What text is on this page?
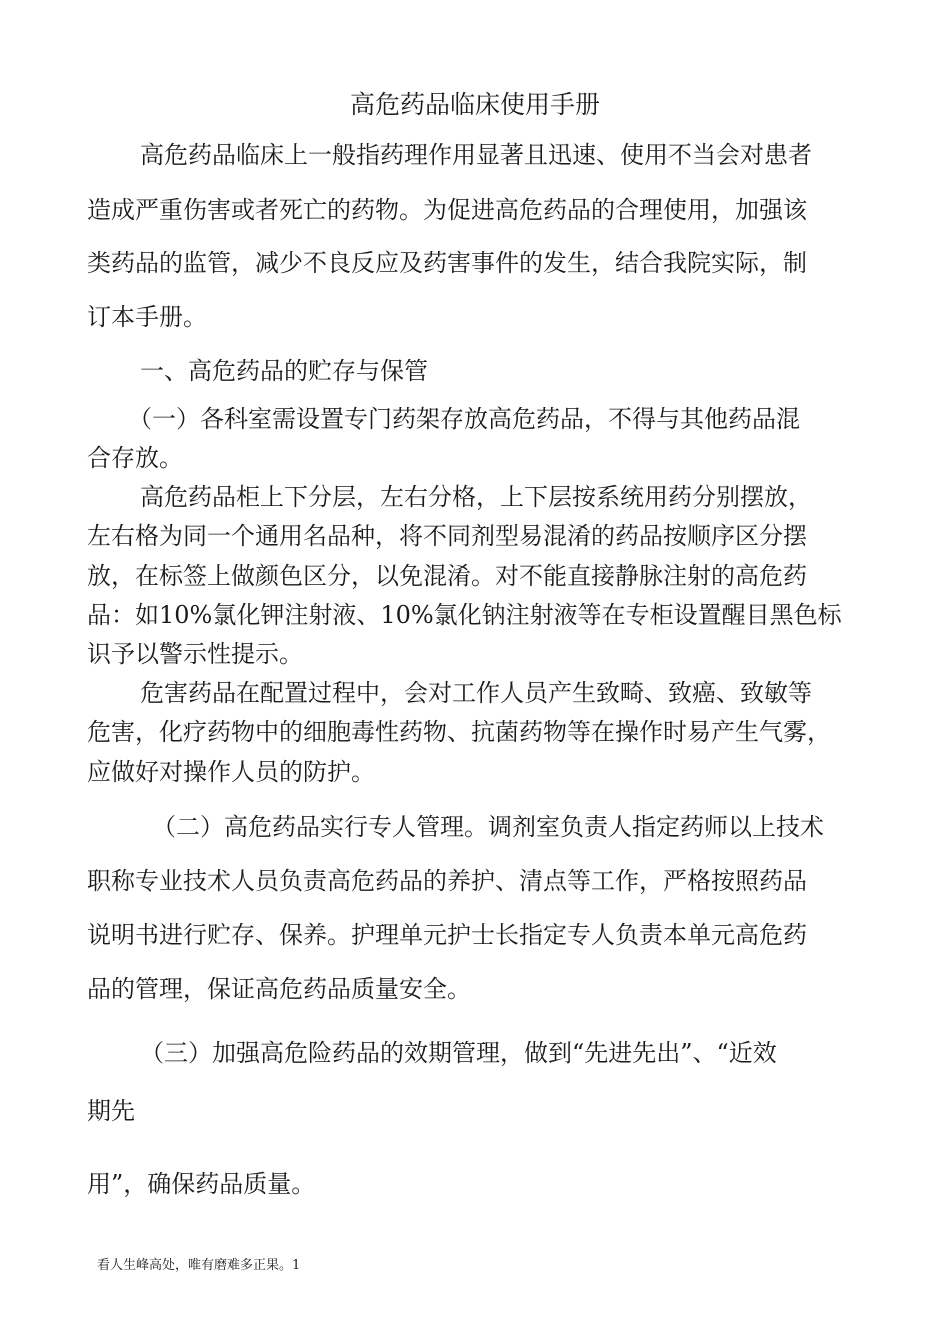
高危药品临床使用手册
高危药品临床上一般指药理作用显著且迅速、使用不当会对患者
造成严重伤害或者死亡的药物。为促进高危药品的合理使用，加强该
类药品的监管，减少不良反应及药害事件的发生，结合我院实际，制
订本手册。
一、高危药品的贮存与保管
（一）各科室需设置专门药架存放高危药品，不得与其他药品混
合存放。
高危药品柜上下分层，左右分格，上下层按系统用药分别摆放，
左右格为同一个通用名品种，将不同剂型易混淆的药品按顺序区分摆
放，在标签上做颜色区分，以免混淆。对不能直接静脉注射的高危药
品：如10%氯化钾注射液、10%氯化钠注射液等在专柜设置醒目黑色标
识予以警示性提示。
危害药品在配置过程中，会对工作人员产生致畸、致癌、致敏等
危害，化疗药物中的细胞毒性药物、抗菌药物等在操作时易产生气雾，
应做好对操作人员的防护。
（二）高危药品实行专人管理。调剂室负责人指定药师以上技术
职称专业技术人员负责高危药品的养护、清点等工作，严格按照药品
说明书进行贮存、保养。护理单元护士长指定专人负责本单元高危药
品的管理，保证高危药品质量安全。
（三）加强高危险药品的效期管理，做到“先进先出”、“近效
期先
用”，确保药品质量。
看人生峰高处，唯有磨难多正果。1
